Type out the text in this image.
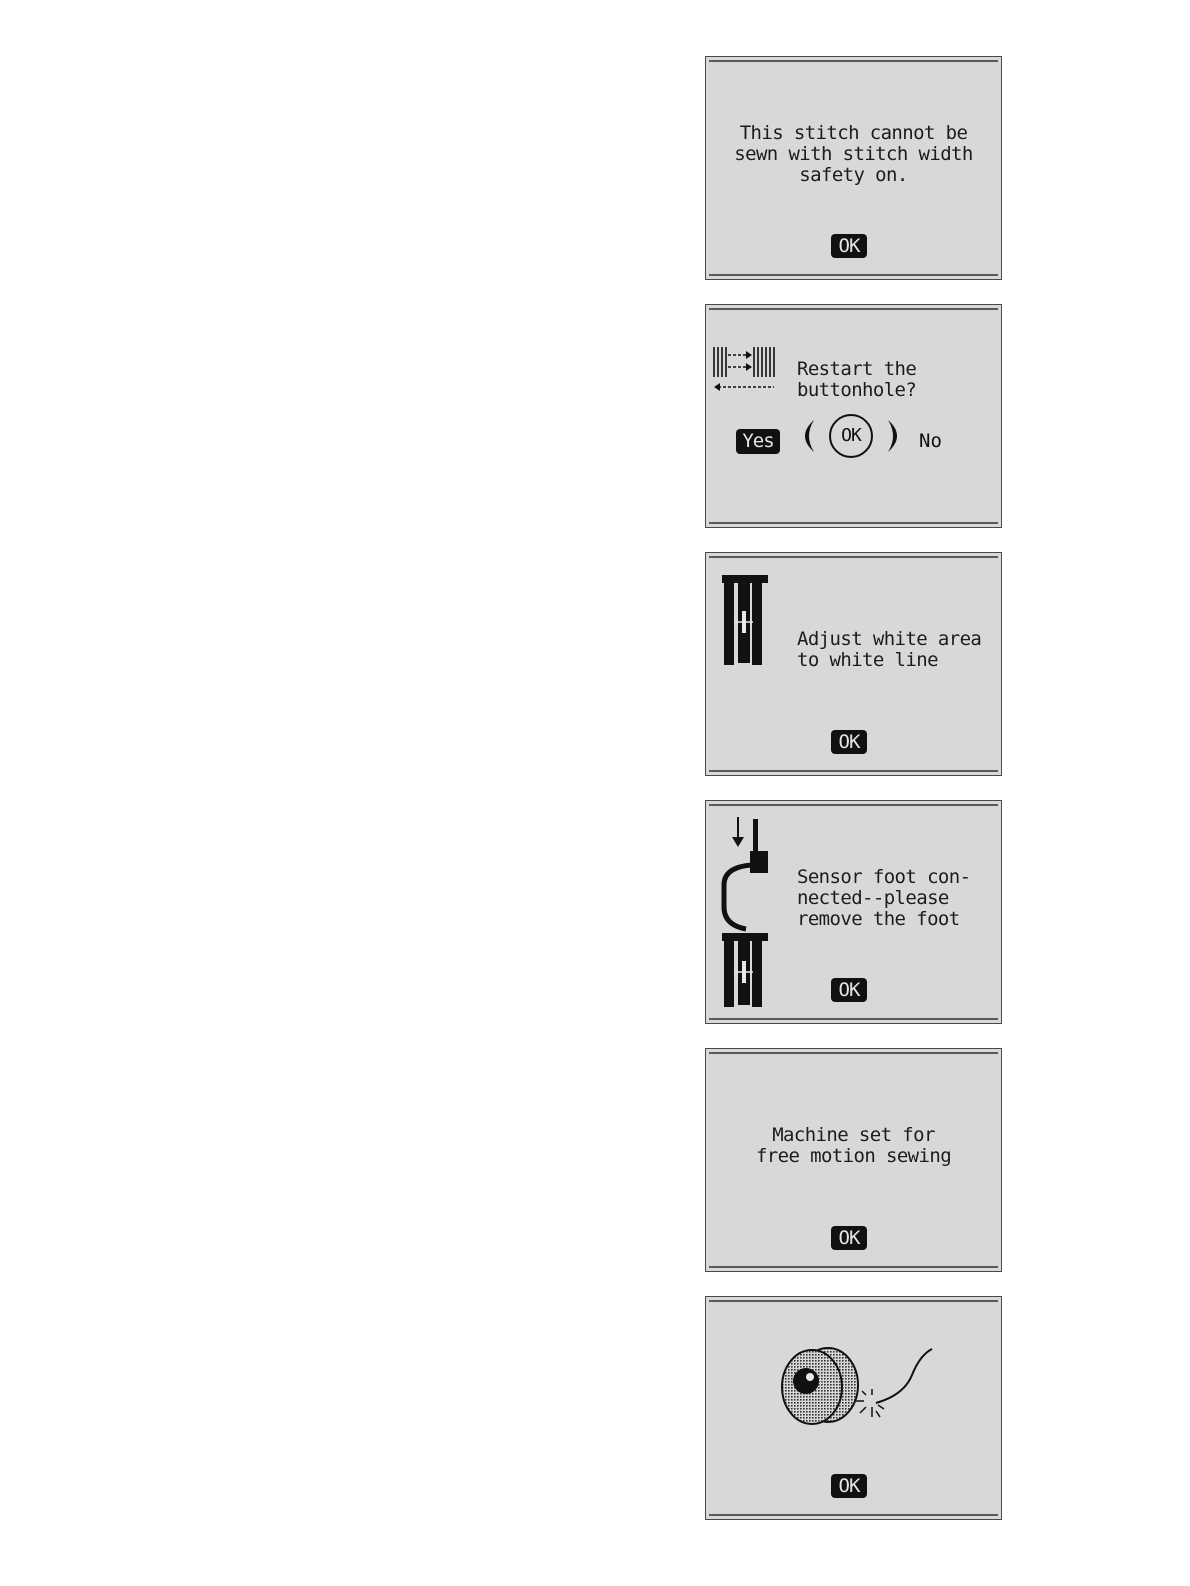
This stitch cannot be
sewn with stitch width
safety on.
OK
Restart the
buttonhole?
Yes	OK	No
Adjust white area
to white line
OK
Sensor foot con-
nected--please
remove the foot
OK
Machine set for
free motion sewing
OK
OK
